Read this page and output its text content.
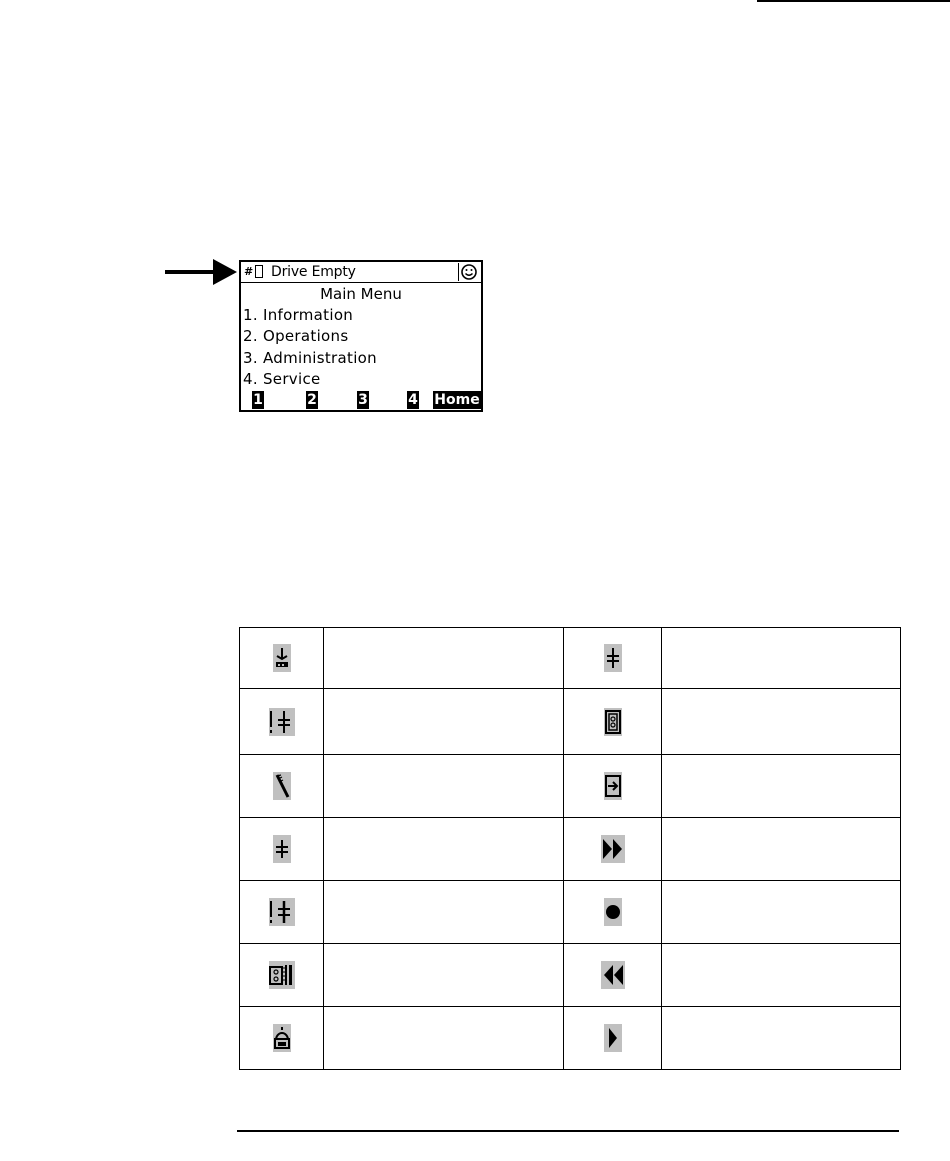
# Drive Empty
Main Menu
1. Information
2. Operations
3. Administration
4. Service
1	2	3	4 Home
